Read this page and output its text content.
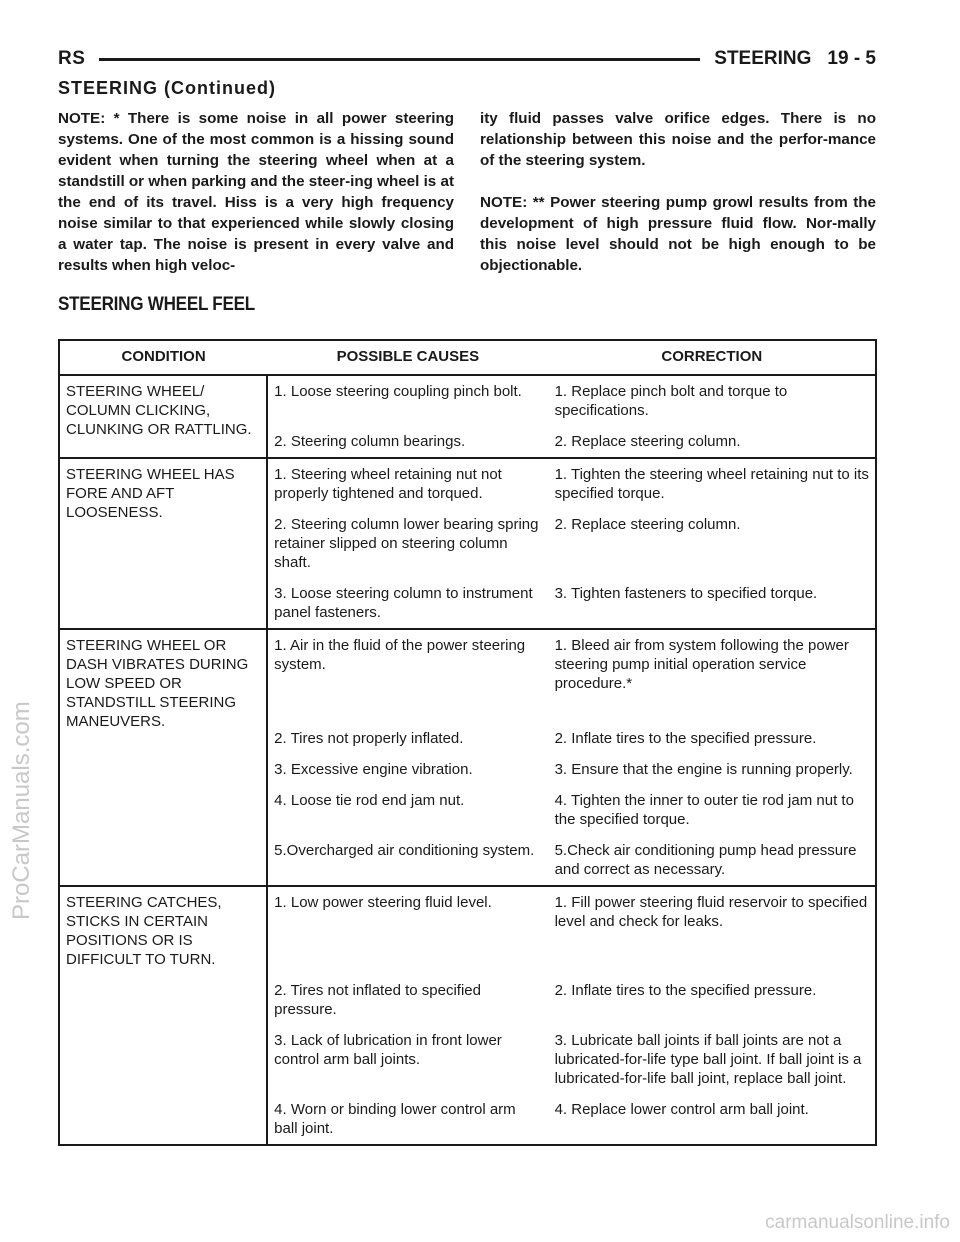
RS	STEERING 19 - 5
STEERING (Continued)

NOTE: * There is some noise in all power steering systems. One of the most common is a hissing sound evident when turning the steering wheel when at a standstill or when parking and the steer-ing wheel is at the end of its travel. Hiss is a very high frequency noise similar to that experienced while slowly closing a water tap. The noise is present in every valve and results when high veloc-

ity fluid passes valve orifice edges. There is no relationship between this noise and the perfor-mance of the steering system.

NOTE: ** Power steering pump growl results from the development of high pressure fluid flow. Nor-mally this noise level should not be high enough to be objectionable.

STEERING WHEEL FEEL
CONDITION	POSSIBLE CAUSES	CORRECTION
STEERING WHEEL/ COLUMN CLICKING, CLUNKING OR RATTLING.	1. Loose steering coupling pinch bolt.	1. Replace pinch bolt and torque to specifications.
	2. Steering column bearings.	2. Replace steering column.
STEERING WHEEL HAS FORE AND AFT LOOSENESS.	1. Steering wheel retaining nut not properly tightened and torqued.	1. Tighten the steering wheel retaining nut to its specified torque.
	2. Steering column lower bearing spring retainer slipped on steering column shaft.	2. Replace steering column.
	3. Loose steering column to instrument panel fasteners.	3. Tighten fasteners to specified torque.
STEERING WHEEL OR DASH VIBRATES DURING LOW SPEED OR STANDSTILL STEERING MANEUVERS.	1. Air in the fluid of the power steering system.	1. Bleed air from system following the power steering pump initial operation service procedure.*
	2. Tires not properly inflated.	2. Inflate tires to the specified pressure.
	3. Excessive engine vibration.	3. Ensure that the engine is running properly.
	4. Loose tie rod end jam nut.	4. Tighten the inner to outer tie rod jam nut to the specified torque.
	5.Overcharged air conditioning system.	5.Check air conditioning pump head pressure and correct as necessary.
STEERING CATCHES, STICKS IN CERTAIN POSITIONS OR IS DIFFICULT TO TURN.	1. Low power steering fluid level.	1. Fill power steering fluid reservoir to specified level and check for leaks.
	2. Tires not inflated to specified pressure.	2. Inflate tires to the specified pressure.
	3. Lack of lubrication in front lower control arm ball joints.	3. Lubricate ball joints if ball joints are not a lubricated-for-life type ball joint. If ball joint is a lubricated-for-life ball joint, replace ball joint.
	4. Worn or binding lower control arm ball joint.	4. Replace lower control arm ball joint.
ProCarManuals.com
carmanualsonline.info
